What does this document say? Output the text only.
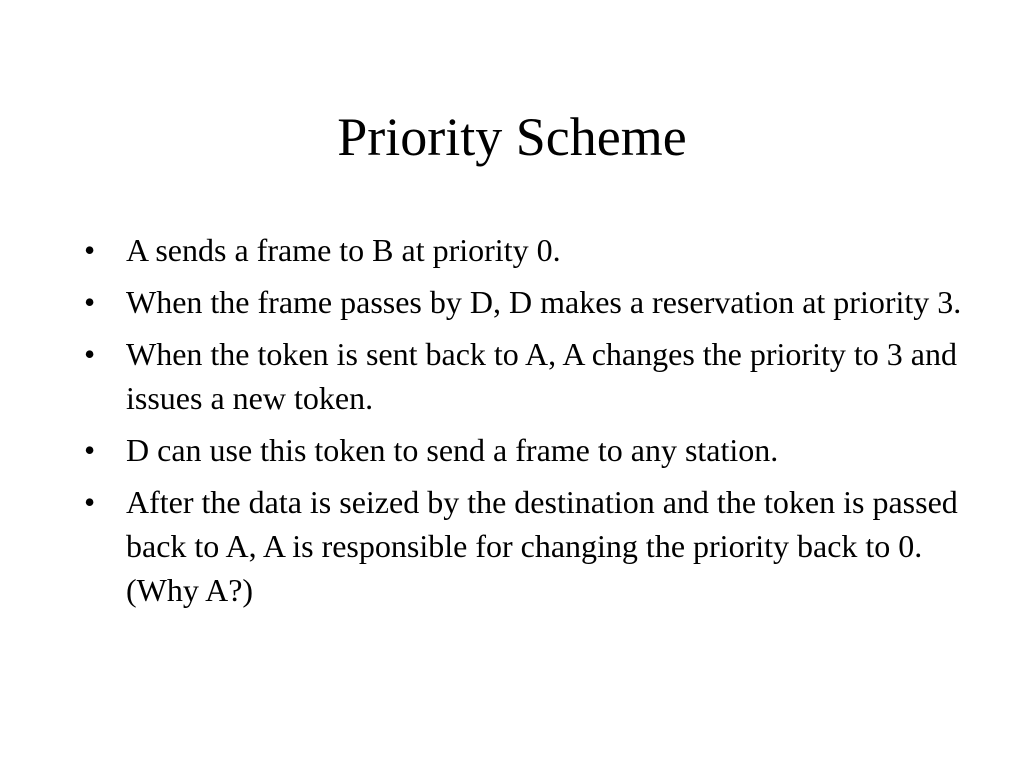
Priority Scheme
• A sends a frame to B at priority 0.
• When the frame passes by D, D makes a reservation at priority 3.
• When the token is sent back to A, A changes the priority to 3 and issues a new token.
• D can use this token to send a frame to any station.
• After the data is seized by the destination and the token is passed back to A, A is responsible for changing the priority back to 0. (Why A?)
